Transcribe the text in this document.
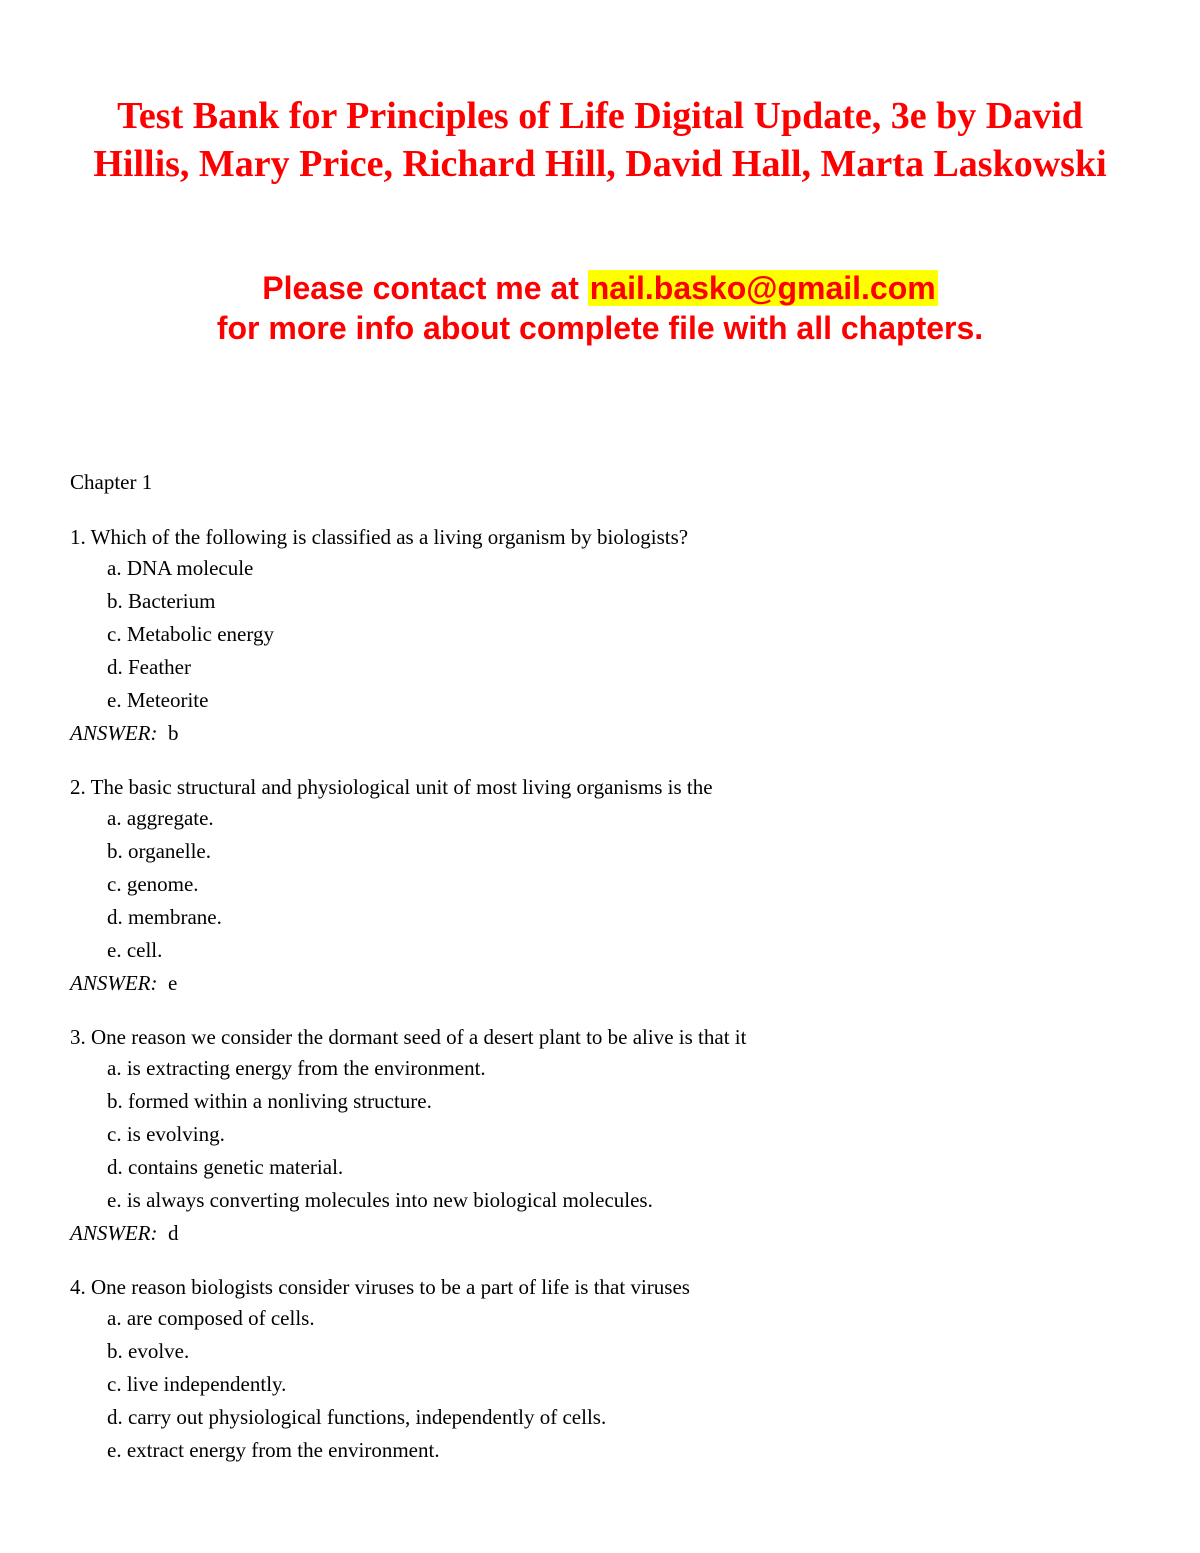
Test Bank for Principles of Life Digital Update, 3e by David
Hillis, Mary Price, Richard Hill, David Hall, Marta Laskowski
Please contact me at nail.basko@gmail.com
for more info about complete file with all chapters.
Chapter 1
1. Which of the following is classified as a living organism by biologists?
a. DNA molecule
b. Bacterium
c. Metabolic energy
d. Feather
e. Meteorite
ANSWER: b
2. The basic structural and physiological unit of most living organisms is the
a. aggregate.
b. organelle.
c. genome.
d. membrane.
e. cell.
ANSWER: e
3. One reason we consider the dormant seed of a desert plant to be alive is that it
a. is extracting energy from the environment.
b. formed within a nonliving structure.
c. is evolving.
d. contains genetic material.
e. is always converting molecules into new biological molecules.
ANSWER: d
4. One reason biologists consider viruses to be a part of life is that viruses
a. are composed of cells.
b. evolve.
c. live independently.
d. carry out physiological functions, independently of cells.
e. extract energy from the environment.
